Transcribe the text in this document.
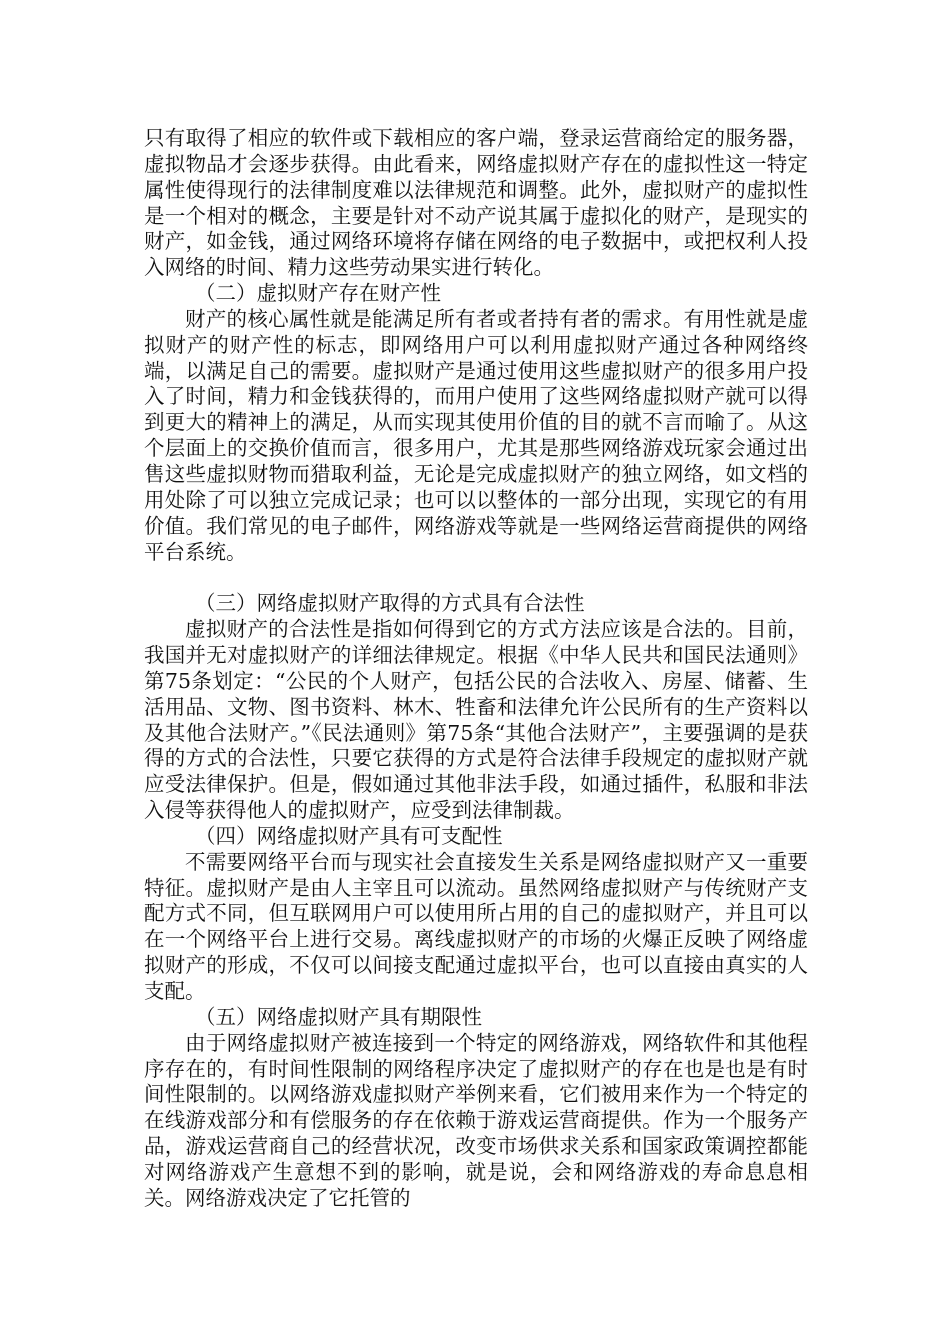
只有取得了相应的软件或下载相应的客户端，登录运营商给定的服务器，虚拟物品才会逐步获得。由此看来，网络虚拟财产存在的虚拟性这一特定属性使得现行的法律制度难以法律规范和调整。此外，虚拟财产的虚拟性是一个相对的概念，主要是针对不动产说其属于虚拟化的财产，是现实的财产，如金钱，通过网络环境将存储在网络的电子数据中，或把权利人投入网络的时间、精力这些劳动果实进行转化。

（二）虚拟财产存在财产性

财产的核心属性就是能满足所有者或者持有者的需求。有用性就是虚拟财产的财产性的标志，即网络用户可以利用虚拟财产通过各种网络终端，以满足自己的需要。虚拟财产是通过使用这些虚拟财产的很多用户投入了时间，精力和金钱获得的，而用户使用了这些网络虚拟财产就可以得到更大的精神上的满足，从而实现其使用价值的目的就不言而喻了。从这个层面上的交换价值而言，很多用户，尤其是那些网络游戏玩家会通过出售这些虚拟财物而猎取利益，无论是完成虚拟财产的独立网络，如文档的用处除了可以独立完成记录；也可以以整体的一部分出现，实现它的有用价值。我们常见的电子邮件，网络游戏等就是一些网络运营商提供的网络平台系统。

（三）网络虚拟财产取得的方式具有合法性

虚拟财产的合法性是指如何得到它的方式方法应该是合法的。目前，我国并无对虚拟财产的详细法律规定。根据《中华人民共和国民法通则》第75条划定：“公民的个人财产，包括公民的合法收入、房屋、储蓄、生活用品、文物、图书资料、林木、牲畜和法律允许公民所有的生产资料以及其他合法财产。”《民法通则》第75条“其他合法财产”，主要强调的是获得的方式的合法性，只要它获得的方式是符合法律手段规定的虚拟财产就应受法律保护。但是，假如通过其他非法手段，如通过插件，私服和非法入侵等获得他人的虚拟财产，应受到法律制裁。

（四）网络虚拟财产具有可支配性

不需要网络平台而与现实社会直接发生关系是网络虚拟财产又一重要特征。虚拟财产是由人主宰且可以流动。虽然网络虚拟财产与传统财产支配方式不同，但互联网用户可以使用所占用的自己的虚拟财产，并且可以在一个网络平台上进行交易。离线虚拟财产的市场的火爆正反映了网络虚拟财产的形成，不仅可以间接支配通过虚拟平台，也可以直接由真实的人支配。

（五）网络虚拟财产具有期限性

由于网络虚拟财产被连接到一个特定的网络游戏，网络软件和其他程序存在的，有时间性限制的网络程序决定了虚拟财产的存在也是也是有时间性限制的。以网络游戏虚拟财产举例来看，它们被用来作为一个特定的在线游戏部分和有偿服务的存在依赖于游戏运营商提供。作为一个服务产品，游戏运营商自己的经营状况，改变市场供求关系和国家政策调控都能对网络游戏产生意想不到的影响，就是说，会和网络游戏的寿命息息相关。网络游戏决定了它托管的
